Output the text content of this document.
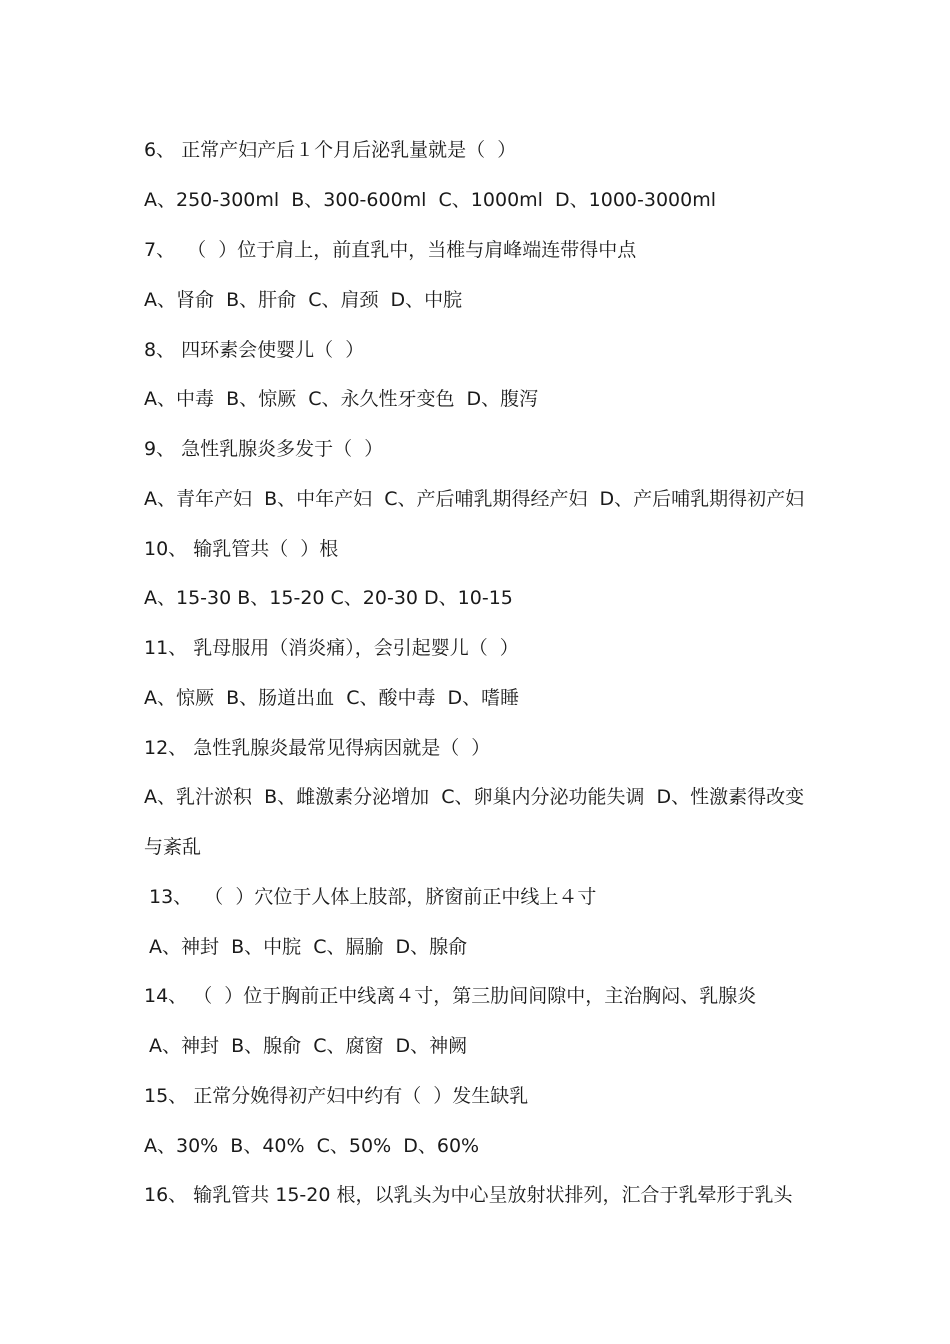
6、 正常产妇产后１个月后泌乳量就是（  ）
A、250-300ml  B、300-600ml  C、1000ml  D、1000-3000ml
7、  （  ）位于肩上，前直乳中，当椎与肩峰端连带得中点
A、肾俞  B、肝俞  C、肩颈  D、中脘
8、 四环素会使婴儿（  ）
A、中毒  B、惊厥  C、永久性牙变色  D、腹泻
9、 急性乳腺炎多发于（  ）
A、青年产妇  B、中年产妇  C、产后哺乳期得经产妇  D、产后哺乳期得初产妇
10、 输乳管共（  ）根
A、15-30 B、15-20 C、20-30 D、10-15
11、 乳母服用（消炎痛），会引起婴儿（  ）
A、惊厥  B、肠道出血  C、酸中毒  D、嗜睡
12、 急性乳腺炎最常见得病因就是（  ）
A、乳汁淤积  B、雌激素分泌增加  C、卵巢内分泌功能失调  D、性激素得改变
与紊乱
13、  （  ）穴位于人体上肢部，脐窗前正中线上４寸
A、神封  B、中脘  C、膈腧  D、腺俞
14、 （  ）位于胸前正中线离４寸，第三肋间间隙中，主治胸闷、乳腺炎
A、神封  B、腺俞  C、腐窗  D、神阙
15、 正常分娩得初产妇中约有（  ）发生缺乳
A、30%  B、40%  C、50%  D、60%
16、 输乳管共 15-20 根，以乳头为中心呈放射状排列，汇合于乳晕形于乳头
